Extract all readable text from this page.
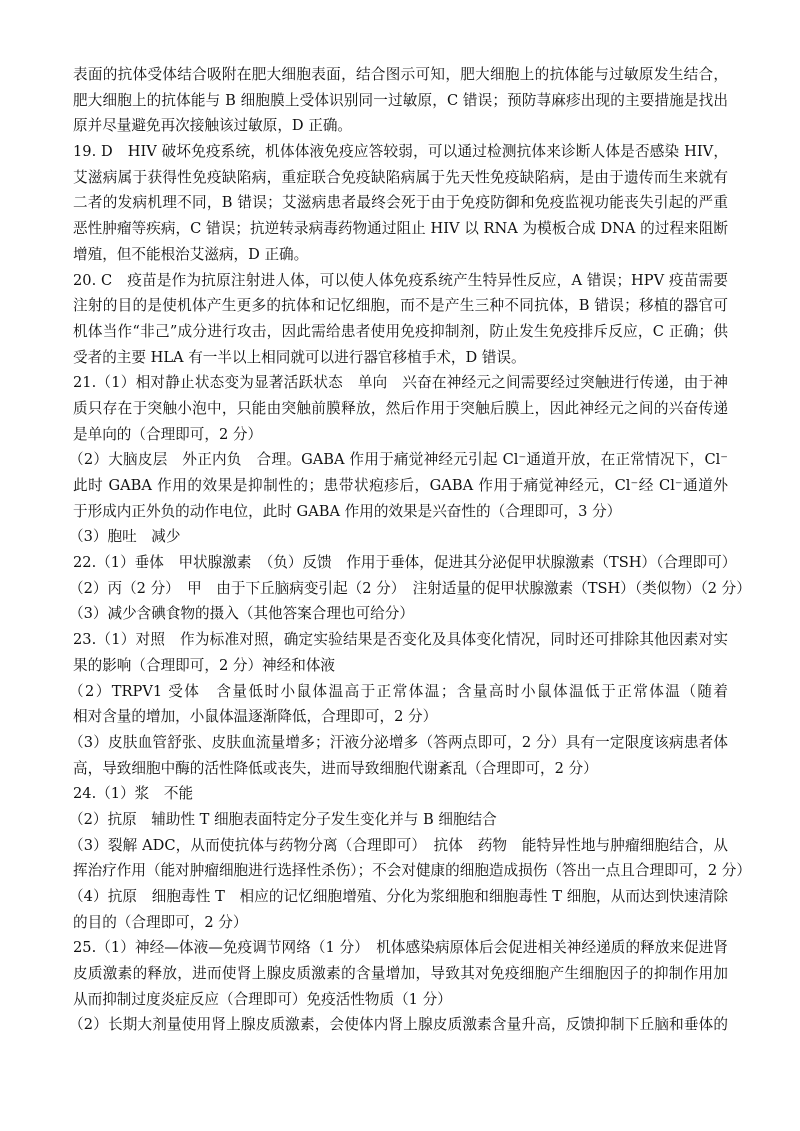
表面的抗体受体结合吸附在肥大细胞表面，结合图示可知，肥大细胞上的抗体能与过敏原发生结合，
肥大细胞上的抗体能与 B 细胞膜上受体识别同一过敏原，C 错误；预防荨麻疹出现的主要措施是找出
原并尽量避免再次接触该过敏原，D 正确。
19. D　HIV 破坏免疫系统，机体体液免疫应答较弱，可以通过检测抗体来诊断人体是否感染 HIV，
艾滋病属于获得性免疫缺陷病，重症联合免疫缺陷病属于先天性免疫缺陷病，是由于遗传而生来就有
二者的发病机理不同，B 错误；艾滋病患者最终会死于由于免疫防御和免疫监视功能丧失引起的严重
恶性肿瘤等疾病，C 错误；抗逆转录病毒药物通过阻止 HIV 以 RNA 为模板合成 DNA 的过程来阻断
增殖，但不能根治艾滋病，D 正确。
20. C　疫苗是作为抗原注射进人体，可以使人体免疫系统产生特异性反应，A 错误；HPV 疫苗需要
注射的目的是使机体产生更多的抗体和记忆细胞，而不是产生三种不同抗体，B 错误；移植的器官可
机体当作“非己”成分进行攻击，因此需给患者使用免疫抑制剂，防止发生免疫排斥反应，C 正确；供
受者的主要 HLA 有一半以上相同就可以进行器官移植手术，D 错误。
21.（1）相对静止状态变为显著活跃状态　单向　兴奋在神经元之间需要经过突触进行传递，由于神
质只存在于突触小泡中，只能由突触前膜释放，然后作用于突触后膜上，因此神经元之间的兴奋传递
是单向的（合理即可，2 分）
（2）大脑皮层　外正内负　合理。GABA 作用于痛觉神经元引起 Cl⁻通道开放，在正常情况下，Cl⁻
此时 GABA 作用的效果是抑制性的；患带状疱疹后，GABA 作用于痛觉神经元，Cl⁻经 Cl⁻通道外
于形成内正外负的动作电位，此时 GABA 作用的效果是兴奋性的（合理即可，3 分）
（3）胞吐　减少
22.（1）垂体　甲状腺激素　（负）反馈　作用于垂体，促进其分泌促甲状腺激素（TSH）（合理即可）
（2）丙（2 分）　甲　由于下丘脑病变引起（2 分）　注射适量的促甲状腺激素（TSH）（类似物）（2 分）
（3）减少含碘食物的摄入（其他答案合理也可给分）
23.（1）对照　作为标准对照，确定实验结果是否变化及具体变化情况，同时还可排除其他因素对实
果的影响（合理即可，2 分）神经和体液
（2）TRPV1 受体　含量低时小鼠体温高于正常体温；含量高时小鼠体温低于正常体温（随着
相对含量的增加，小鼠体温逐渐降低，合理即可，2 分）
（3）皮肤血管舒张、皮肤血流量增多；汗液分泌增多（答两点即可，2 分）具有一定限度该病患者体
高，导致细胞中酶的活性降低或丧失，进而导致细胞代谢紊乱（合理即可，2 分）
24.（1）浆　不能
（2）抗原　辅助性 T 细胞表面特定分子发生变化并与 B 细胞结合
（3）裂解 ADC，从而使抗体与药物分离（合理即可）　抗体　药物　能特异性地与肿瘤细胞结合，从
挥治疗作用（能对肿瘤细胞进行选择性杀伤）；不会对健康的细胞造成损伤（答出一点且合理即可，2 分）
（4）抗原　细胞毒性 T　相应的记忆细胞增殖、分化为浆细胞和细胞毒性 T 细胞，从而达到快速清除
的目的（合理即可，2 分）
25.（1）神经—体液—免疫调节网络（1 分）　机体感染病原体后会促进相关神经递质的释放来促进肾
皮质激素的释放，进而使肾上腺皮质激素的含量增加，导致其对免疫细胞产生细胞因子的抑制作用加
从而抑制过度炎症反应（合理即可）免疫活性物质（1 分）
（2）长期大剂量使用肾上腺皮质激素，会使体内肾上腺皮质激素含量升高，反馈抑制下丘脑和垂体的
